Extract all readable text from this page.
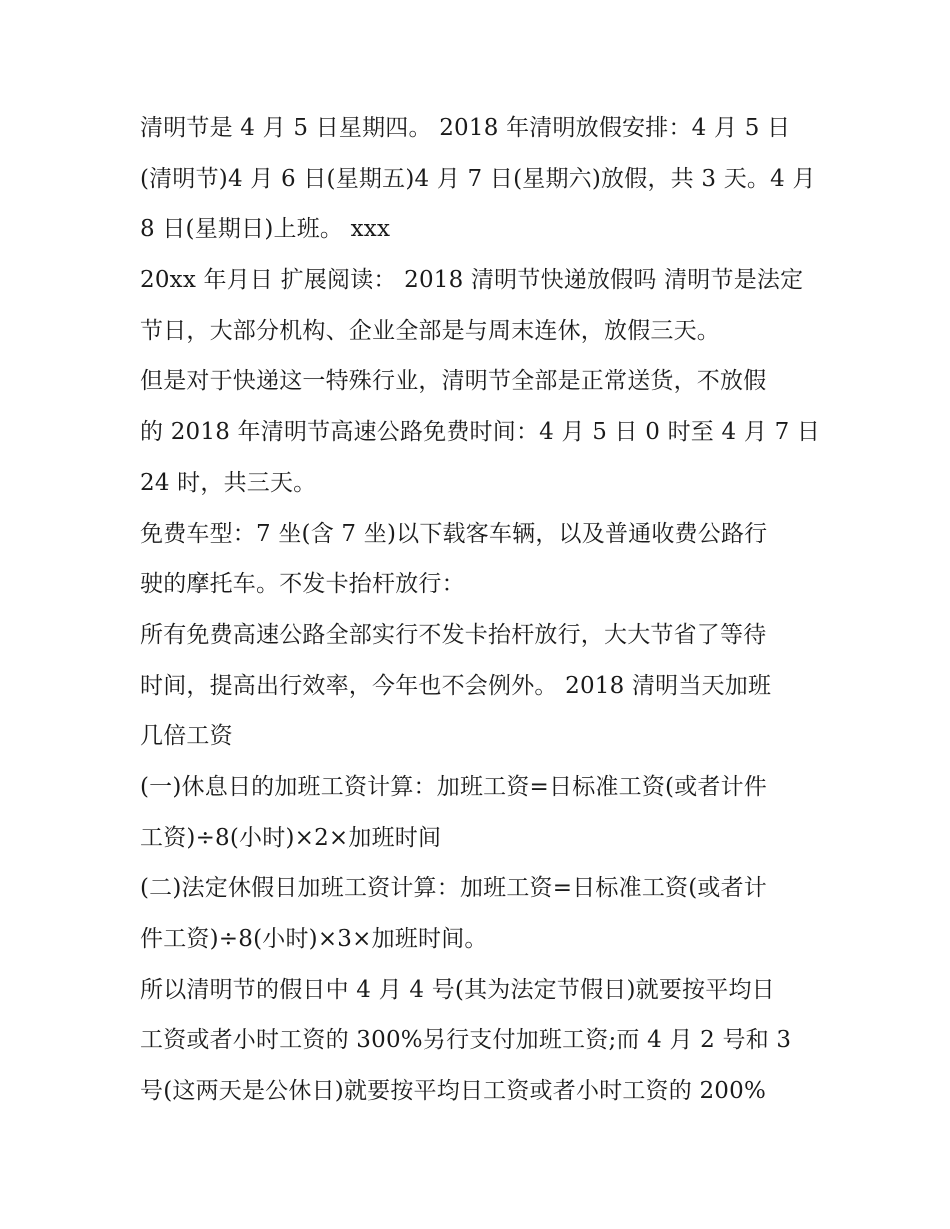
清明节是 4 月 5 日星期四。 2018 年清明放假安排：4 月 5 日
(清明节)4 月 6 日(星期五)4 月 7 日(星期六)放假，共 3 天。4 月
8 日(星期日)上班。 xxx
20xx 年月日 扩展阅读： 2018 清明节快递放假吗 清明节是法定
节日，大部分机构、企业全部是与周末连休，放假三天。
但是对于快递这一特殊行业，清明节全部是正常送货，不放假
的 2018 年清明节高速公路免费时间：4 月 5 日 0 时至 4 月 7 日
24 时，共三天。
免费车型：7 坐(含 7 坐)以下载客车辆，以及普通收费公路行
驶的摩托车。不发卡抬杆放行：
所有免费高速公路全部实行不发卡抬杆放行，大大节省了等待
时间，提高出行效率，今年也不会例外。 2018 清明当天加班
几倍工资
(一)休息日的加班工资计算：加班工资=日标准工资(或者计件
工资)÷8(小时)×2×加班时间
(二)法定休假日加班工资计算：加班工资=日标准工资(或者计
件工资)÷8(小时)×3×加班时间。
所以清明节的假日中 4 月 4 号(其为法定节假日)就要按平均日
工资或者小时工资的 300%另行支付加班工资;而 4 月 2 号和 3
号(这两天是公休日)就要按平均日工资或者小时工资的 200%
